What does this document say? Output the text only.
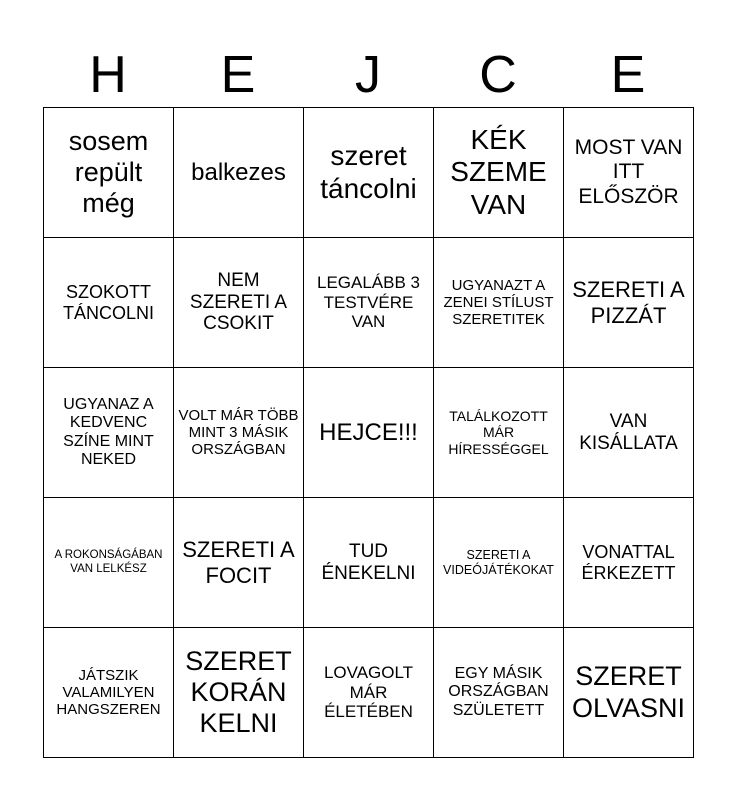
H	E	J	C	E
sosem repült még	balkezes	szeret táncolni	KÉK SZEME VAN	MOST VAN ITT ELŐSZÖR

SZOKOTT TÁNCOLNI	NEM SZERETI A CSOKIT	LEGALÁBB 3 TESTVÉRE VAN	UGYANAZT A ZENEI STÍLUST SZERETITEK	SZERETI A PIZZÁT

UGYANAZ A KEDVENC SZÍNE MINT NEKED	VOLT MÁR TÖBB MINT 3 MÁSIK ORSZÁGBAN	HEJCE!!!	TALÁLKOZOTT MÁR HÍRESSÉGGEL	VAN KISÁLLATA

A ROKONSÁGÁBAN VAN LELKÉSZ	SZERETI A FOCIT	TUD ÉNEKELNI	SZERETI A VIDEÓJÁTÉKOKAT	VONATTAL ÉRKEZETT

JÁTSZIK VALAMILYEN HANGSZEREN	SZERET KORÁN KELNI	LOVAGOLT MÁR ÉLETÉBEN	EGY MÁSIK ORSZÁGBAN SZÜLETETT	SZERET OLVASNI
